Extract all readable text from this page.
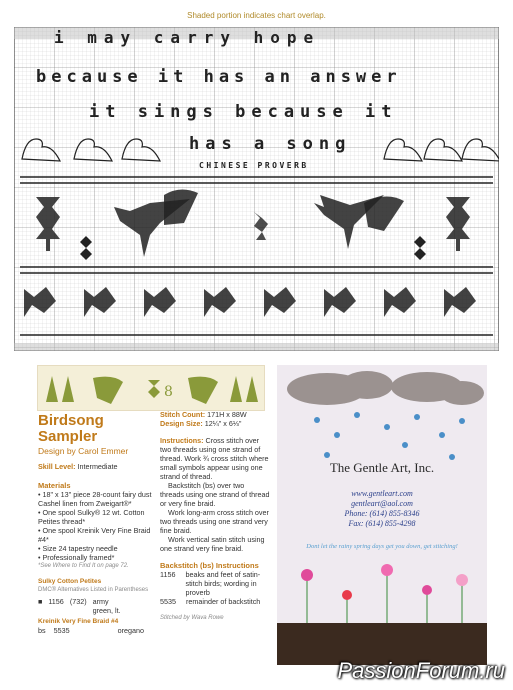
Shaded portion indicates chart overlap.
i may carry hope
because it has an answer
it sings because it
has a song
CHINESE PROVERB
8
Birdsong
Sampler
Design by Carol Emmer
Skill Level: Intermediate
Materials
• 18" x 13" piece 28-count fairy dust Cashel linen from Zweigart®*
• One spool Sulky® 12 wt. Cotton Petites thread*
• One spool Kreinik Very Fine Braid #4*
• Size 24 tapestry needle
• Professionally framed*
*See Where to Find It on page 72.
Sulky Cotton Petites
DMC® Alternatives Listed in Parentheses
■ 1156 (732) army green, lt.
Kreinik Very Fine Braid #4
bs 5535	oregano
Stitch Count: 171H x 88W
Design Size: 12¼" x 6⅓"
Instructions: Cross stitch over two threads using one strand of thread. Work ¾ cross stitch where small symbols appear using one strand of thread.
Backstitch (bs) over two threads using one strand of thread or very fine braid.
Work long-arm cross stitch over two threads using one strand very fine braid.
Work vertical satin stitch using one strand very fine braid.
Backstitch (bs) Instructions
1156 beaks and feet of satin-stitch birds; wording in proverb
5535 remainder of backstitch
Stitched by Wava Rowe
The Gentle Art, Inc.
www.gentleart.com
gentleart@aol.com
Phone: (614) 855-8346
Fax: (614) 855-4298
Dont let the rainy spring days get you down, get stitching!
PassionForum.ru
